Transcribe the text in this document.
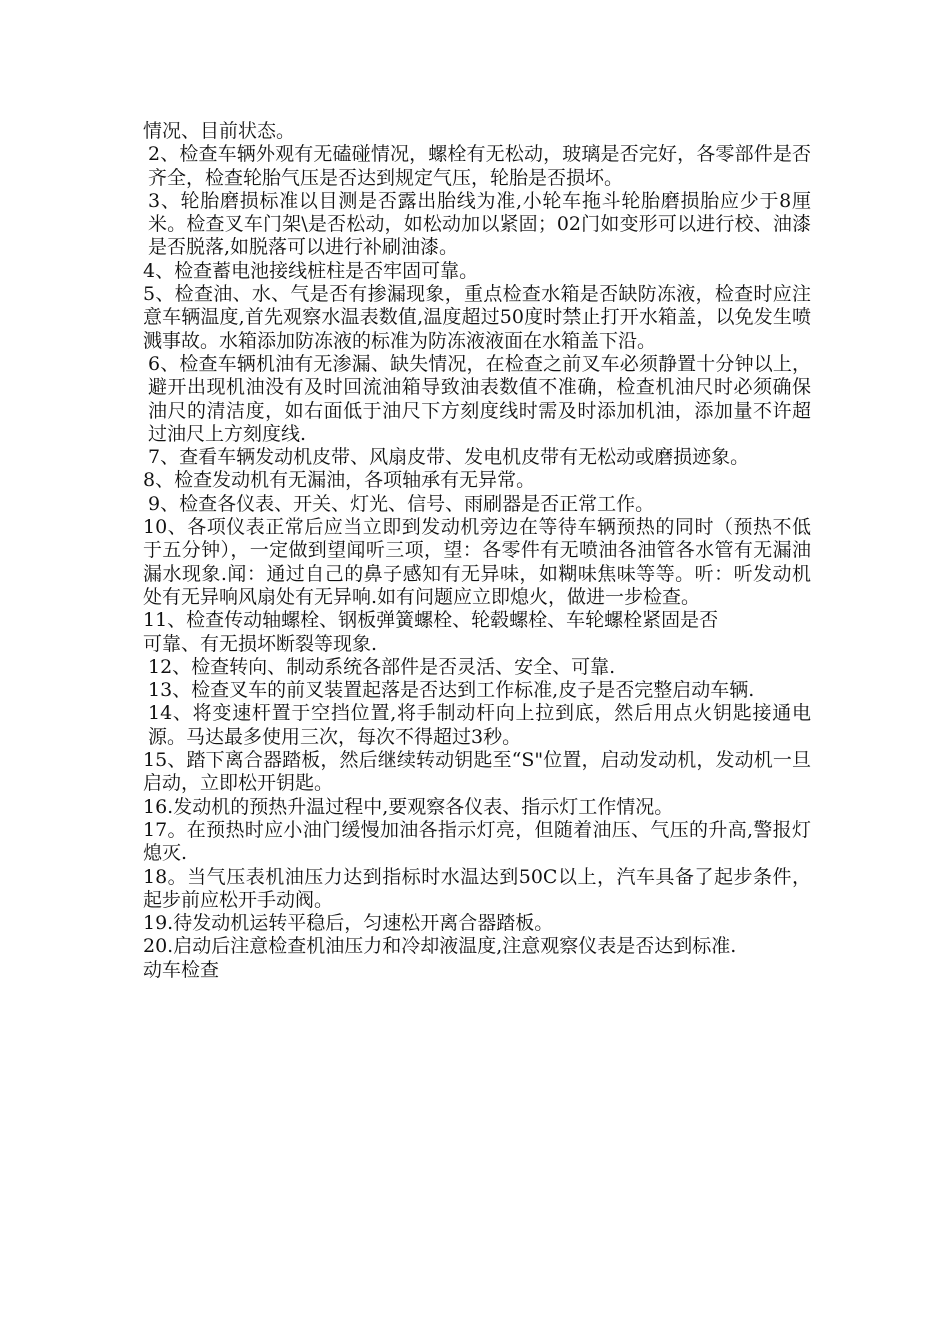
情况、目前状态。

2、检查车辆外观有无磕碰情况，螺栓有无松动，玻璃是否完好，各零部件是否齐全，检查轮胎气压是否达到规定气压，轮胎是否损坏。

3、轮胎磨损标准以目测是否露出胎线为准,小轮车拖斗轮胎磨损胎应少于8厘米。检查叉车门架\是否松动，如松动加以紧固；02门如变形可以进行校、油漆是否脱落,如脱落可以进行补刷油漆。

4、检查蓄电池接线桩柱是否牢固可靠。

5、检查油、水、气是否有掺漏现象，重点检查水箱是否缺防冻液，检查时应注意车辆温度,首先观察水温表数值,温度超过50度时禁止打开水箱盖，以免发生喷溅事故。水箱添加防冻液的标准为防冻液液面在水箱盖下沿。

6、检查车辆机油有无渗漏、缺失情况，在检查之前叉车必须静置十分钟以上，避开出现机油没有及时回流油箱导致油表数值不准确，检查机油尺时必须确保油尺的清洁度，如右面低于油尺下方刻度线时需及时添加机油，添加量不许超过油尺上方刻度线.

7、查看车辆发动机皮带、风扇皮带、发电机皮带有无松动或磨损迹象。

8、检查发动机有无漏油，各项轴承有无异常。

9、检查各仪表、开关、灯光、信号、雨刷器是否正常工作。

10、各项仪表正常后应当立即到发动机旁边在等待车辆预热的同时（预热不低于五分钟），一定做到望闻听三项，望：各零件有无喷油各油管各水管有无漏油漏水现象.闻：通过自己的鼻子感知有无异味，如糊味焦味等等。听：听发动机处有无异响风扇处有无异响.如有问题应立即熄火，做进一步检查。

11、检查传动轴螺栓、钢板弹簧螺栓、轮毂螺栓、车轮螺栓紧固是否

可靠、有无损坏断裂等现象.

12、检查转向、制动系统各部件是否灵活、安全、可靠.

13、检查叉车的前叉装置起落是否达到工作标准,皮子是否完整启动车辆.

14、将变速杆置于空挡位置,将手制动杆向上拉到底，然后用点火钥匙接通电源。马达最多使用三次，每次不得超过3秒。

15、踏下离合器踏板，然后继续转动钥匙至“S"位置，启动发动机，发动机一旦启动，立即松开钥匙。

16.发动机的预热升温过程中,要观察各仪表、指示灯工作情况。

17。在预热时应小油门缓慢加油各指示灯亮，但随着油压、气压的升高,警报灯熄灭.

18。当气压表机油压力达到指标时水温达到50C以上，汽车具备了起步条件，起步前应松开手动阀。

19.待发动机运转平稳后，匀速松开离合器踏板。

20.启动后注意检查机油压力和冷却液温度,注意观察仪表是否达到标准.

动车检查
